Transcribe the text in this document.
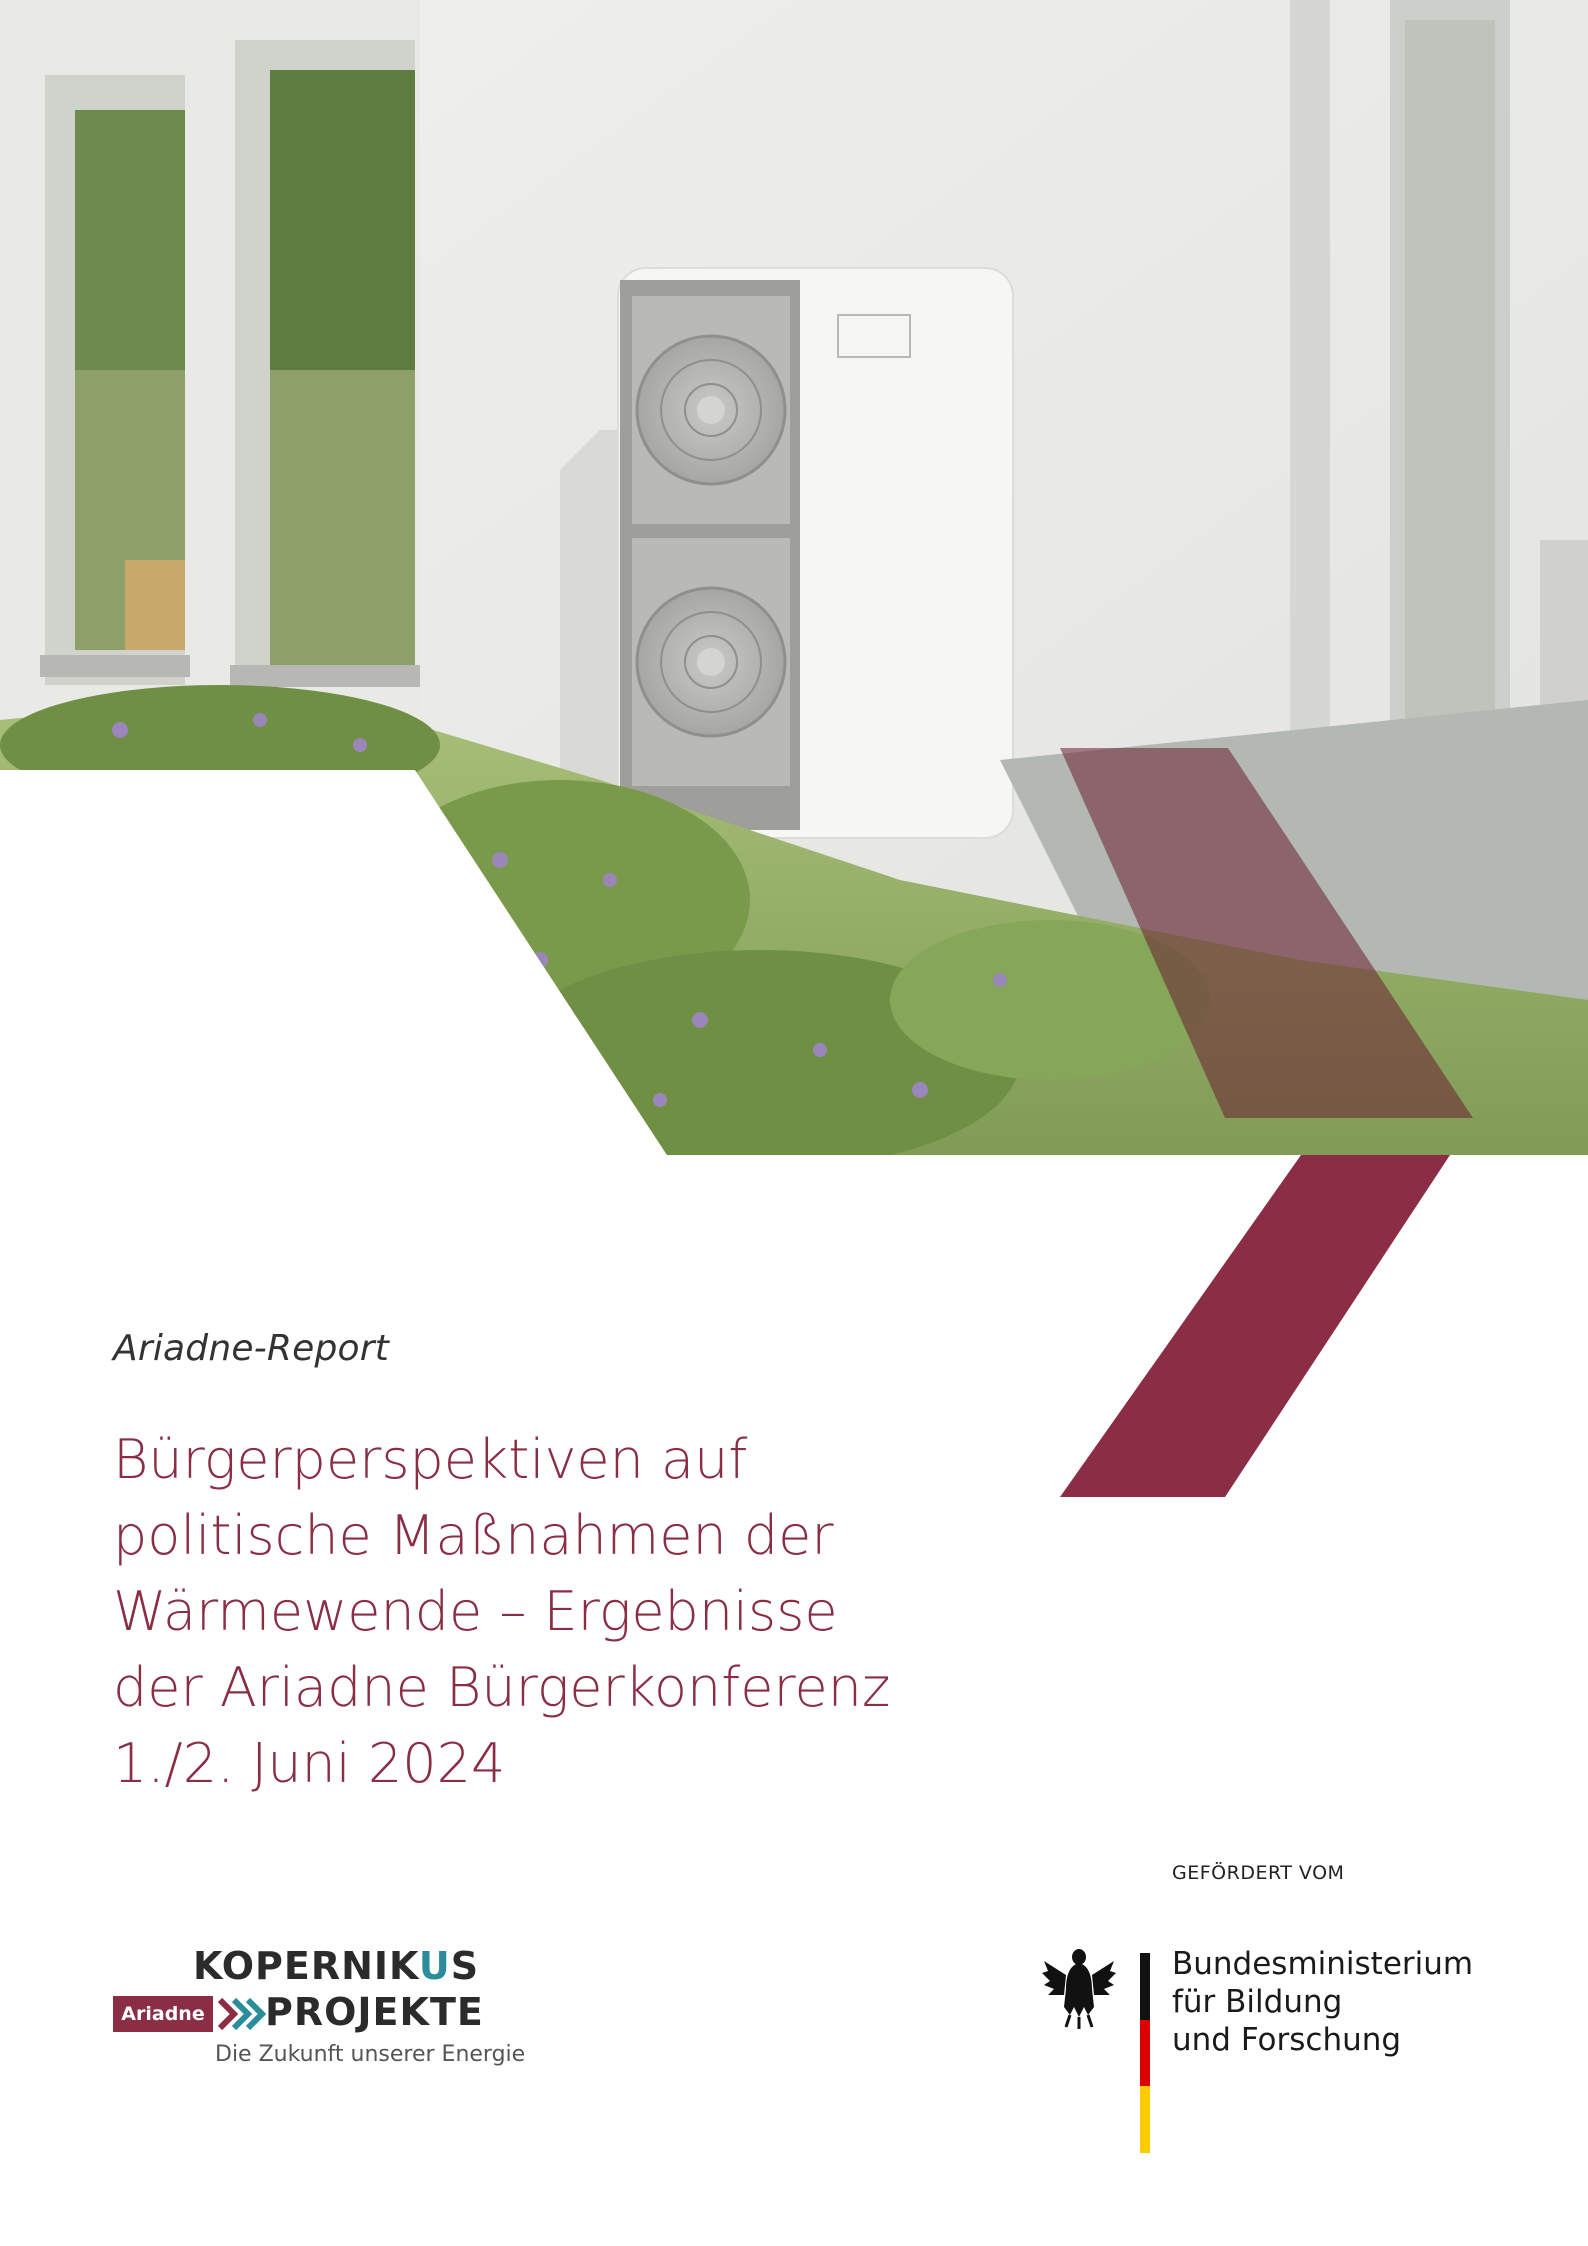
Ariadne-Report
Bürgerperspektiven auf
politische Maßnahmen der
Wärmewende – Ergebnisse
der Ariadne Bürgerkonferenz
1./2. Juni 2024
GEFÖRDERT VOM
KOPERNIKUS
Ariadne PROJEKTE
Die Zukunft unserer Energie
Bundesministerium
für Bildung
und Forschung
